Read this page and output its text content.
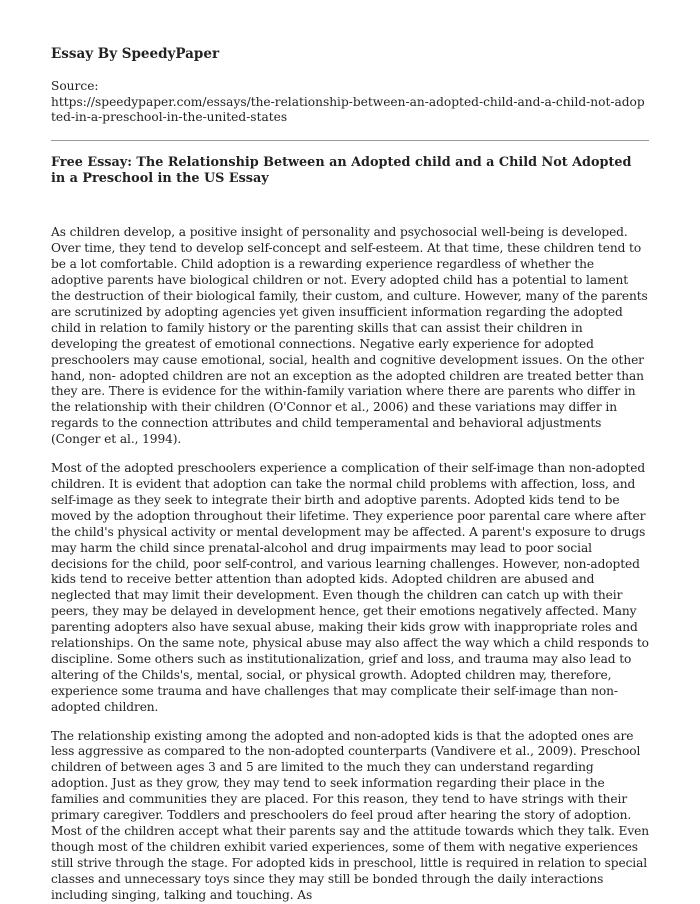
Essay By SpeedyPaper
Source:
https://speedypaper.com/essays/the-relationship-between-an-adopted-child-and-a-child-not-adopted-in-a-preschool-in-the-united-states
Free Essay: The Relationship Between an Adopted child and a Child Not Adopted in a Preschool in the US Essay

As children develop, a positive insight of personality and psychosocial well-being is developed. Over time, they tend to develop self-concept and self-esteem. At that time, these children tend to be a lot comfortable. Child adoption is a rewarding experience regardless of whether the adoptive parents have biological children or not. Every adopted child has a potential to lament the destruction of their biological family, their custom, and culture. However, many of the parents are scrutinized by adopting agencies yet given insufficient information regarding the adopted child in relation to family history or the parenting skills that can assist their children in developing the greatest of emotional connections. Negative early experience for adopted preschoolers may cause emotional, social, health and cognitive development issues. On the other hand, non- adopted children are not an exception as the adopted children are treated better than they are. There is evidence for the within-family variation where there are parents who differ in the relationship with their children (O'Connor et al., 2006) and these variations may differ in regards to the connection attributes and child temperamental and behavioral adjustments (Conger et al., 1994).

Most of the adopted preschoolers experience a complication of their self-image than non-adopted children. It is evident that adoption can take the normal child problems with affection, loss, and self-image as they seek to integrate their birth and adoptive parents. Adopted kids tend to be moved by the adoption throughout their lifetime. They experience poor parental care where after the child's physical activity or mental development may be affected. A parent's exposure to drugs may harm the child since prenatal-alcohol and drug impairments may lead to poor social decisions for the child, poor self-control, and various learning challenges. However, non-adopted kids tend to receive better attention than adopted kids. Adopted children are abused and neglected that may limit their development. Even though the children can catch up with their peers, they may be delayed in development hence, get their emotions negatively affected. Many parenting adopters also have sexual abuse, making their kids grow with inappropriate roles and relationships. On the same note, physical abuse may also affect the way which a child responds to discipline. Some others such as institutionalization, grief and loss, and trauma may also lead to altering of the Childs's, mental, social, or physical growth. Adopted children may, therefore, experience some trauma and have challenges that may complicate their self-image than non-adopted children.

The relationship existing among the adopted and non-adopted kids is that the adopted ones are less aggressive as compared to the non-adopted counterparts (Vandivere et al., 2009). Preschool children of between ages 3 and 5 are limited to the much they can understand regarding adoption. Just as they grow, they may tend to seek information regarding their place in the families and communities they are placed. For this reason, they tend to have strings with their primary caregiver. Toddlers and preschoolers do feel proud after hearing the story of adoption. Most of the children accept what their parents say and the attitude towards which they talk. Even though most of the children exhibit varied experiences, some of them with negative experiences still strive through the stage. For adopted kids in preschool, little is required in relation to special classes and unnecessary toys since they may still be bonded through the daily interactions including singing, talking and touching. As
